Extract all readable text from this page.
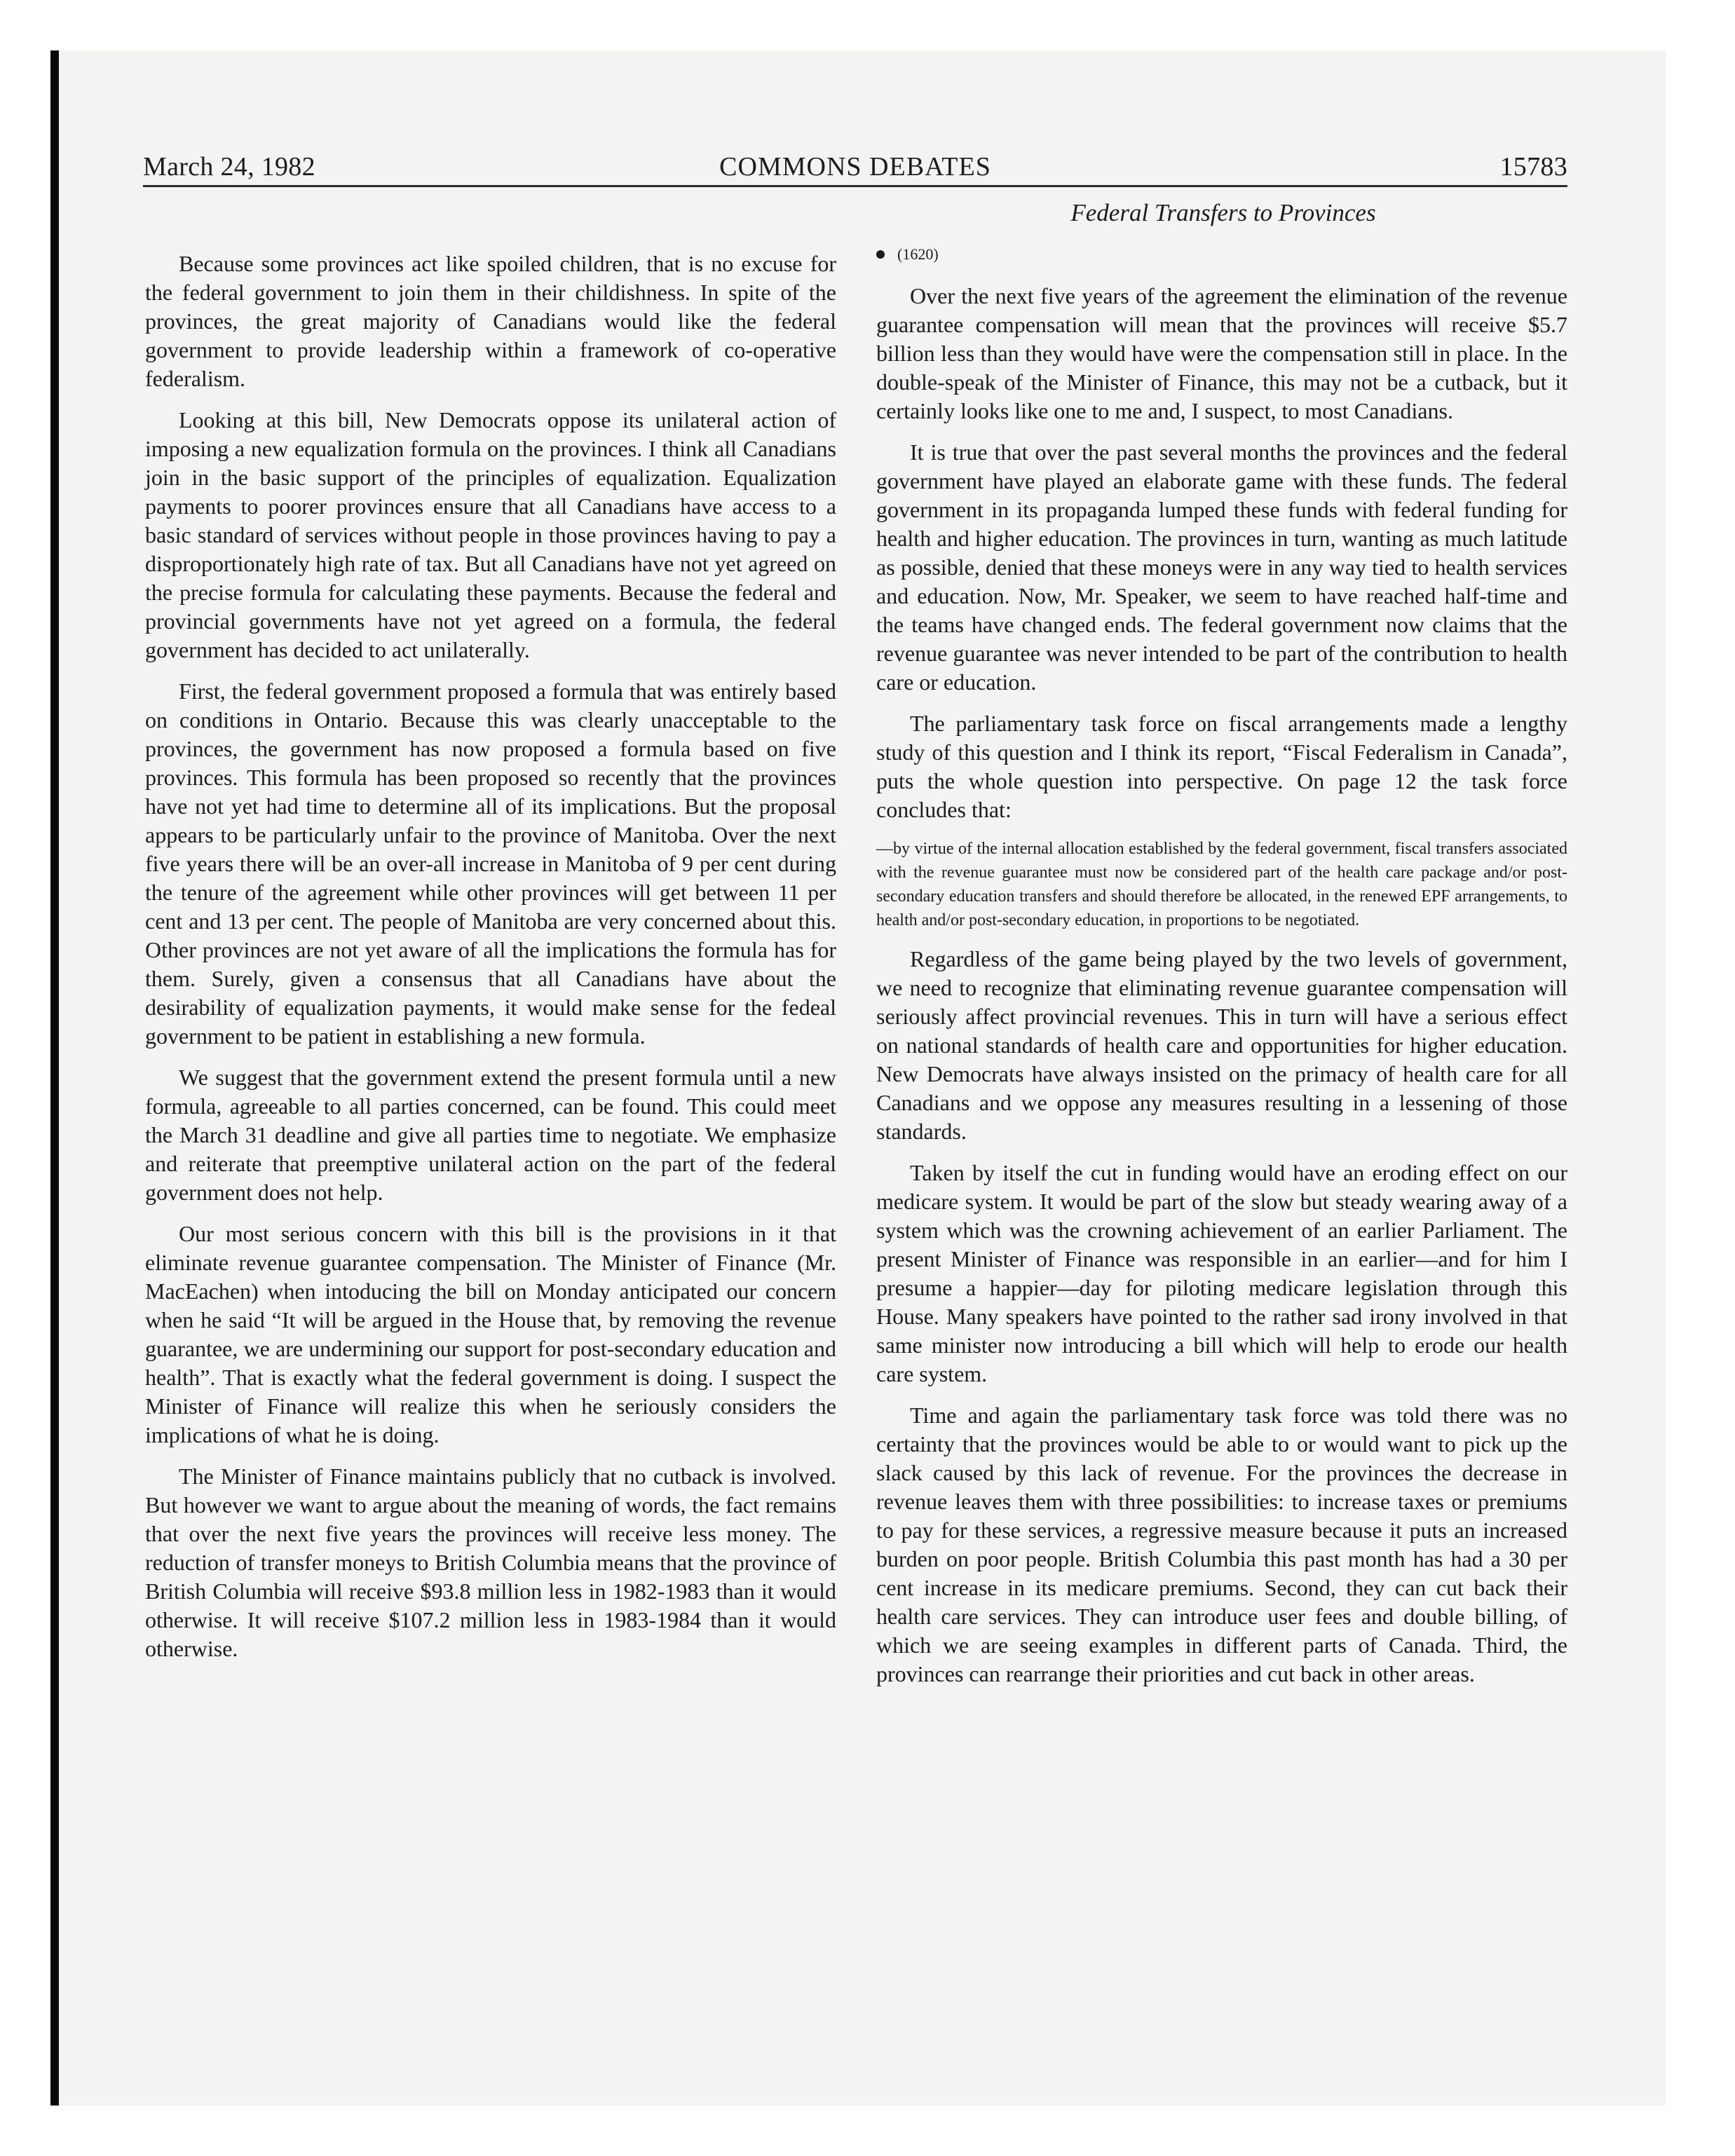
March 24, 1982	COMMONS DEBATES	15783
Federal Transfers to Provinces

Because some provinces act like spoiled children, that is no excuse for the federal government to join them in their childishness. In spite of the provinces, the great majority of Canadians would like the federal government to provide leadership within a framework of co-operative federalism.

Looking at this bill, New Democrats oppose its unilateral action of imposing a new equalization formula on the provinces. I think all Canadians join in the basic support of the principles of equalization. Equalization payments to poorer provinces ensure that all Canadians have access to a basic standard of services without people in those provinces having to pay a disproportionately high rate of tax. But all Canadians have not yet agreed on the precise formula for calculating these payments. Because the federal and provincial governments have not yet agreed on a formula, the federal government has decided to act unilaterally.

First, the federal government proposed a formula that was entirely based on conditions in Ontario. Because this was clearly unacceptable to the provinces, the government has now proposed a formula based on five provinces. This formula has been proposed so recently that the provinces have not yet had time to determine all of its implications. But the proposal appears to be particularly unfair to the province of Manitoba. Over the next five years there will be an over-all increase in Manitoba of 9 per cent during the tenure of the agreement while other provinces will get between 11 per cent and 13 per cent. The people of Manitoba are very concerned about this. Other provinces are not yet aware of all the implications the formula has for them. Surely, given a consensus that all Canadians have about the desirability of equalization payments, it would make sense for the fedeal government to be patient in establishing a new formula.

We suggest that the government extend the present formula until a new formula, agreeable to all parties concerned, can be found. This could meet the March 31 deadline and give all parties time to negotiate. We emphasize and reiterate that preemptive unilateral action on the part of the federal government does not help.

Our most serious concern with this bill is the provisions in it that eliminate revenue guarantee compensation. The Minister of Finance (Mr. MacEachen) when intoducing the bill on Monday anticipated our concern when he said “It will be argued in the House that, by removing the revenue guarantee, we are undermining our support for post-secondary education and health”. That is exactly what the federal government is doing. I suspect the Minister of Finance will realize this when he seriously considers the implications of what he is doing.

The Minister of Finance maintains publicly that no cutback is involved. But however we want to argue about the meaning of words, the fact remains that over the next five years the provinces will receive less money. The reduction of transfer moneys to British Columbia means that the province of British Columbia will receive $93.8 million less in 1982-1983 than it would otherwise. It will receive $107.2 million less in 1983-1984 than it would otherwise.

(1620)

Over the next five years of the agreement the elimination of the revenue guarantee compensation will mean that the provinces will receive $5.7 billion less than they would have were the compensation still in place. In the double-speak of the Minister of Finance, this may not be a cutback, but it certainly looks like one to me and, I suspect, to most Canadians.

It is true that over the past several months the provinces and the federal government have played an elaborate game with these funds. The federal government in its propaganda lumped these funds with federal funding for health and higher education. The provinces in turn, wanting as much latitude as possible, denied that these moneys were in any way tied to health services and education. Now, Mr. Speaker, we seem to have reached half-time and the teams have changed ends. The federal government now claims that the revenue guarantee was never intended to be part of the contribution to health care or education.

The parliamentary task force on fiscal arrangements made a lengthy study of this question and I think its report, “Fiscal Federalism in Canada”, puts the whole question into perspective. On page 12 the task force concludes that:

—by virtue of the internal allocation established by the federal government, fiscal transfers associated with the revenue guarantee must now be considered part of the health care package and/or post-secondary education transfers and should therefore be allocated, in the renewed EPF arrangements, to health and/or post-secondary education, in proportions to be negotiated.

Regardless of the game being played by the two levels of government, we need to recognize that eliminating revenue guarantee compensation will seriously affect provincial revenues. This in turn will have a serious effect on national standards of health care and opportunities for higher education. New Democrats have always insisted on the primacy of health care for all Canadians and we oppose any measures resulting in a lessening of those standards.

Taken by itself the cut in funding would have an eroding effect on our medicare system. It would be part of the slow but steady wearing away of a system which was the crowning achievement of an earlier Parliament. The present Minister of Finance was responsible in an earlier—and for him I presume a happier—day for piloting medicare legislation through this House. Many speakers have pointed to the rather sad irony involved in that same minister now introducing a bill which will help to erode our health care system.

Time and again the parliamentary task force was told there was no certainty that the provinces would be able to or would want to pick up the slack caused by this lack of revenue. For the provinces the decrease in revenue leaves them with three possibilities: to increase taxes or premiums to pay for these services, a regressive measure because it puts an increased burden on poor people. British Columbia this past month has had a 30 per cent increase in its medicare premiums. Second, they can cut back their health care services. They can introduce user fees and double billing, of which we are seeing examples in different parts of Canada. Third, the provinces can rearrange their priorities and cut back in other areas.
